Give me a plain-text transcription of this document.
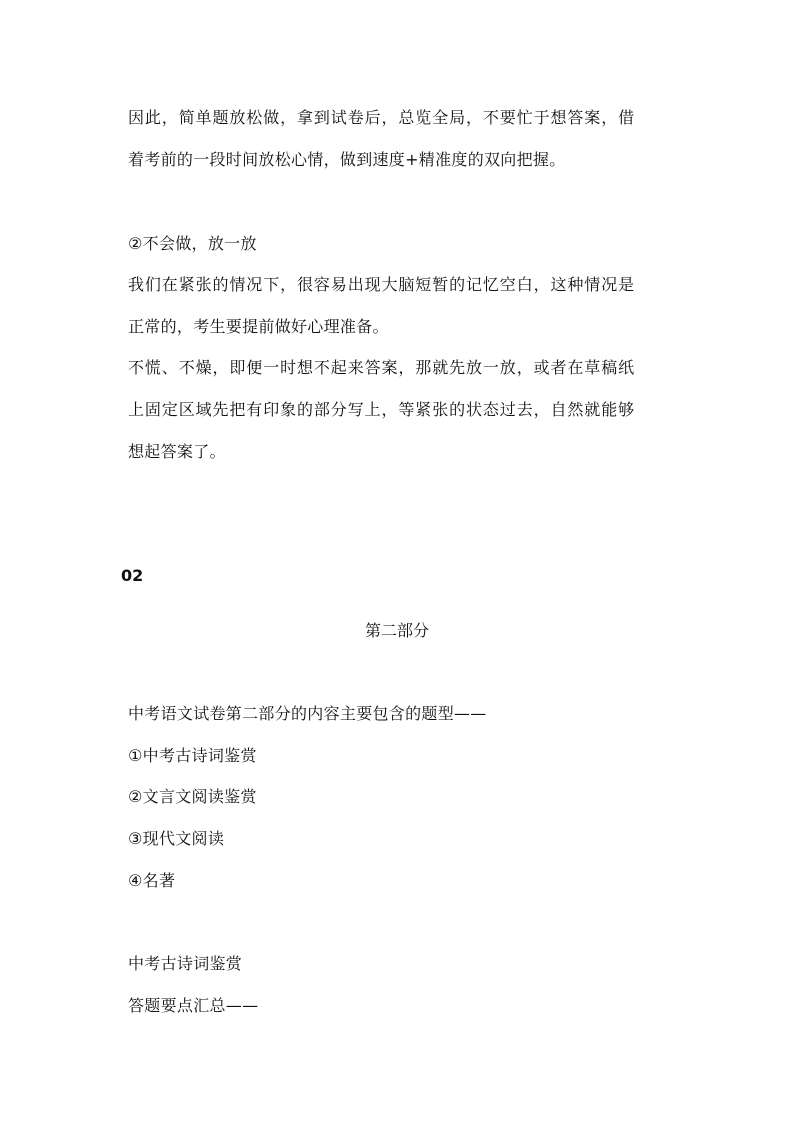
因此，简单题放松做，拿到试卷后，总览全局，不要忙于想答案，借
着考前的一段时间放松心情，做到速度+精准度的双向把握。
②不会做，放一放
我们在紧张的情况下，很容易出现大脑短暂的记忆空白，这种情况是
正常的，考生要提前做好心理准备。
不慌、不燥，即便一时想不起来答案，那就先放一放，或者在草稿纸
上固定区域先把有印象的部分写上，等紧张的状态过去，自然就能够
想起答案了。
02
第二部分
中考语文试卷第二部分的内容主要包含的题型——
①中考古诗词鉴赏
②文言文阅读鉴赏
③现代文阅读
④名著
中考古诗词鉴赏
答题要点汇总——
